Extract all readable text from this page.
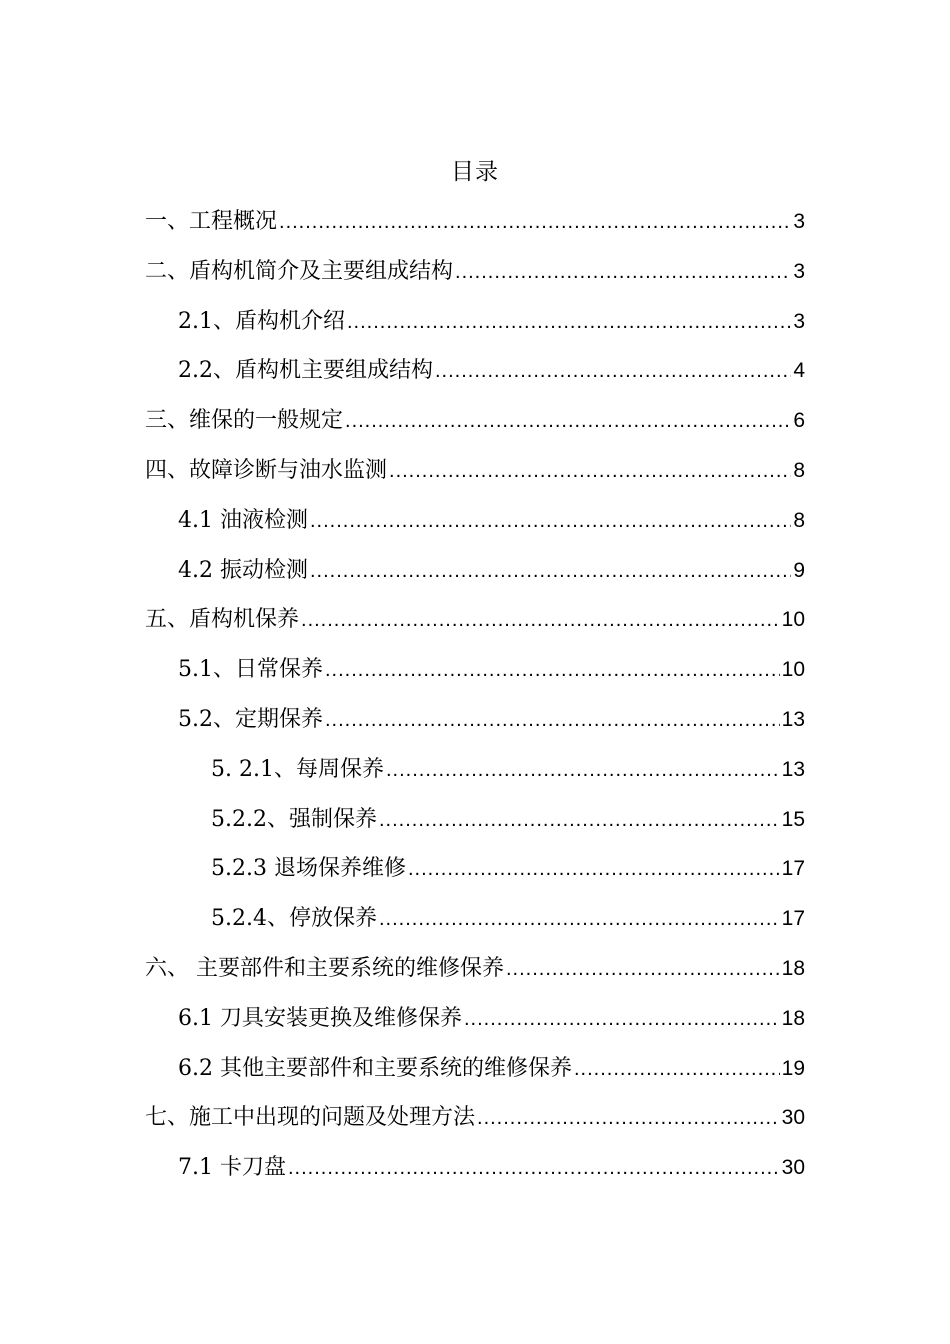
目录
一、工程概况 .....	3
二、盾构机简介及主要组成结构 .....	3
2.1、盾构机介绍 .....	3
2.2、盾构机主要组成结构 .....	4
三、维保的一般规定 .....	6
四、故障诊断与油水监测 .....	8
4.1 油液检测 .....	8
4.2 振动检测 .....	9
五、盾构机保养 .....	10
5.1、日常保养 .....	10
5.2、定期保养 .....	13
5. 2.1、每周保养 .....	13
5.2.2、强制保养 .....	15
5.2.3 退场保养维修 .....	17
5.2.4、停放保养 .....	17
六、 主要部件和主要系统的维修保养 .....	18
6.1 刀具安装更换及维修保养 .....	18
6.2 其他主要部件和主要系统的维修保养 .....	19
七、施工中出现的问题及处理方法 .....	30
7.1 卡刀盘 .....	30
